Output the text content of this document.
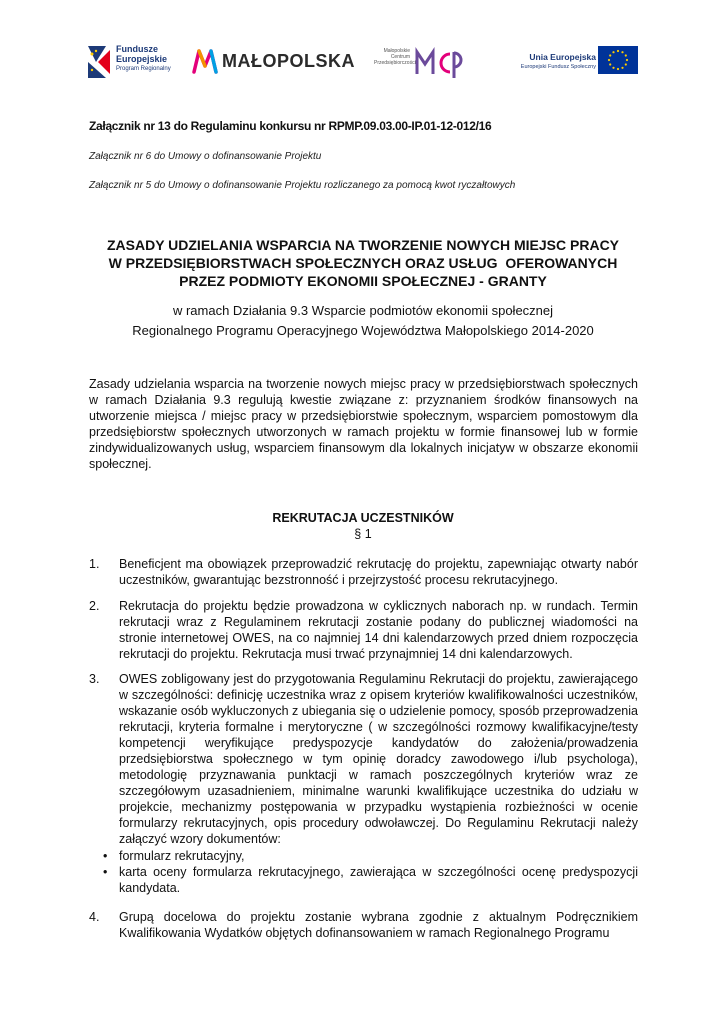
Fundusze
Europejskie
Program Regionalny	MAŁOPOLSKA	Małopolskie
Centrum
Przedsiębiorczości
Unia Europejska
Europejski Fundusz Społeczny
Załącznik nr 13 do Regulaminu konkursu nr RPMP.09.03.00-IP.01-12-012/16
Załącznik nr 6 do Umowy o dofinansowanie Projektu
Załącznik nr 5 do Umowy o dofinansowanie Projektu rozliczanego za pomocą kwot ryczałtowych
ZASADY UDZIELANIA WSPARCIA NA TWORZENIE NOWYCH MIEJSC PRACY
W PRZEDSIĘBIORSTWACH SPOŁECZNYCH ORAZ USŁUG  OFEROWANYCH
PRZEZ PODMIOTY EKONOMII SPOŁECZNEJ - GRANTY
w ramach Działania 9.3 Wsparcie podmiotów ekonomii społecznej
Regionalnego Programu Operacyjnego Województwa Małopolskiego 2014-2020
Zasady udzielania wsparcia na tworzenie nowych miejsc pracy w przedsiębiorstwach społecznych w ramach Działania 9.3 regulują kwestie związane z: przyznaniem środków finansowych na utworzenie miejsca / miejsc pracy w przedsiębiorstwie społecznym, wsparciem pomostowym dla przedsiębiorstw społecznych utworzonych w ramach projektu w formie finansowej lub w formie zindywidualizowanych usług, wsparciem finansowym dla lokalnych inicjatyw w obszarze ekonomii społecznej.
REKRUTACJA UCZESTNIKÓW
§ 1
1. Beneficjent ma obowiązek przeprowadzić rekrutację do projektu, zapewniając otwarty nabór uczestników, gwarantując bezstronność i przejrzystość procesu rekrutacyjnego.
2. Rekrutacja do projektu będzie prowadzona w cyklicznych naborach np. w rundach. Termin rekrutacji wraz z Regulaminem rekrutacji zostanie podany do publicznej wiadomości na stronie internetowej OWES, na co najmniej 14 dni kalendarzowych przed dniem rozpoczęcia rekrutacji do projektu. Rekrutacja musi trwać przynajmniej 14 dni kalendarzowych.
3. OWES zobligowany jest do przygotowania Regulaminu Rekrutacji do projektu, zawierającego w szczególności: definicję uczestnika wraz z opisem kryteriów kwalifikowalności uczestników, wskazanie osób wykluczonych z ubiegania się o udzielenie pomocy, sposób przeprowadzenia rekrutacji, kryteria formalne i merytoryczne ( w szczególności rozmowy kwalifikacyjne/testy kompetencji weryfikujące predyspozycje kandydatów do założenia/prowadzenia przedsiębiorstwa społecznego w tym opinię doradcy zawodowego i/lub psychologa), metodologię przyznawania punktacji w ramach poszczególnych kryteriów wraz ze szczegółowym uzasadnieniem, minimalne warunki kwalifikujące uczestnika do udziału w projekcie, mechanizmy postępowania w przypadku wystąpienia rozbieżności w ocenie formularzy rekrutacyjnych, opis procedury odwoławczej. Do Regulaminu Rekrutacji należy załączyć wzory dokumentów:
• formularz rekrutacyjny,
• karta oceny formularza rekrutacyjnego, zawierająca w szczególności ocenę predyspozycji kandydata.
4. Grupą docelowa do projektu zostanie wybrana zgodnie z aktualnym Podręcznikiem Kwalifikowania Wydatków objętych dofinansowaniem w ramach Regionalnego Programu
